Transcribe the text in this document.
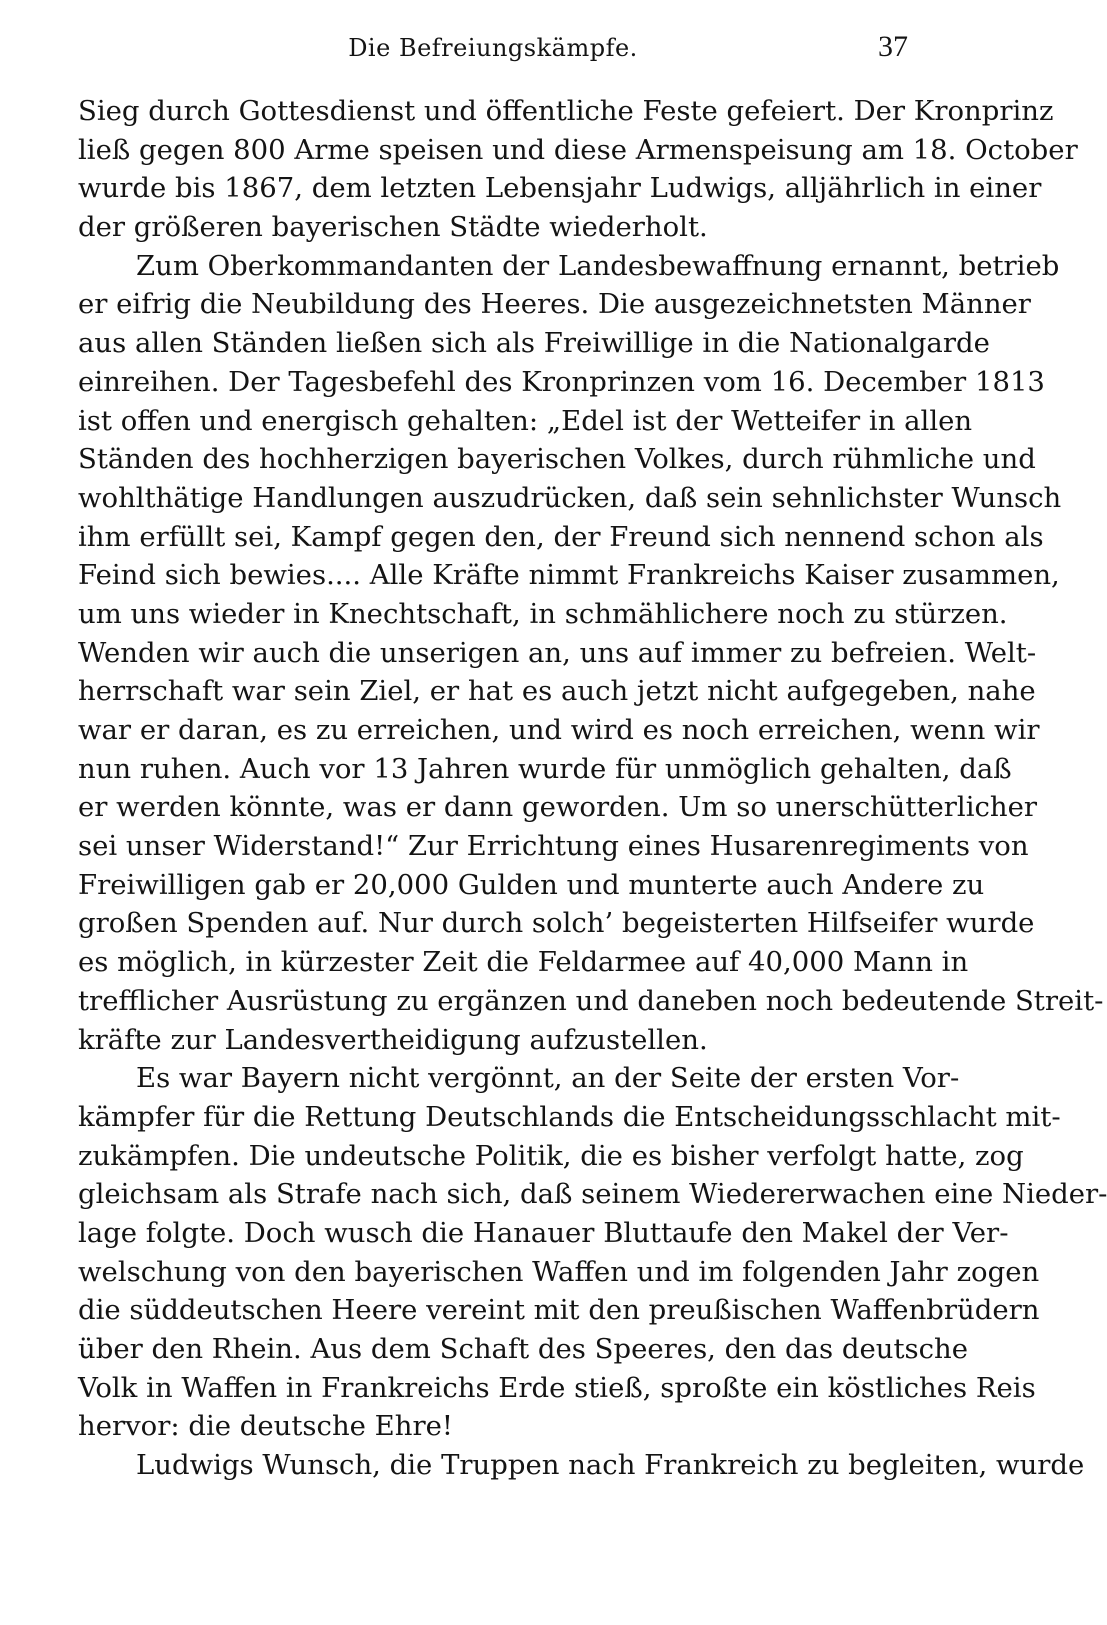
Die Befreiungskämpfe.	37
Sieg durch Gottesdienst und öffentliche Feste gefeiert. Der Kronprinz
ließ gegen 800 Arme speisen und diese Armenspeisung am 18. October
wurde bis 1867, dem letzten Lebensjahr Ludwigs, alljährlich in einer
der größeren bayerischen Städte wiederholt.
Zum Oberkommandanten der Landesbewaffnung ernannt, betrieb
er eifrig die Neubildung des Heeres. Die ausgezeichnetsten Männer
aus allen Ständen ließen sich als Freiwillige in die Nationalgarde
einreihen. Der Tagesbefehl des Kronprinzen vom 16. December 1813
ist offen und energisch gehalten: „Edel ist der Wetteifer in allen
Ständen des hochherzigen bayerischen Volkes, durch rühmliche und
wohlthätige Handlungen auszudrücken, daß sein sehnlichster Wunsch
ihm erfüllt sei, Kampf gegen den, der Freund sich nennend schon als
Feind sich bewies.... Alle Kräfte nimmt Frankreichs Kaiser zusammen,
um uns wieder in Knechtschaft, in schmählichere noch zu stürzen.
Wenden wir auch die unserigen an, uns auf immer zu befreien. Welt-
herrschaft war sein Ziel, er hat es auch jetzt nicht aufgegeben, nahe
war er daran, es zu erreichen, und wird es noch erreichen, wenn wir
nun ruhen. Auch vor 13 Jahren wurde für unmöglich gehalten, daß
er werden könnte, was er dann geworden. Um so unerschütterlicher
sei unser Widerstand!“ Zur Errichtung eines Husarenregiments von
Freiwilligen gab er 20,000 Gulden und munterte auch Andere zu
großen Spenden auf. Nur durch solch’ begeisterten Hilfseifer wurde
es möglich, in kürzester Zeit die Feldarmee auf 40,000 Mann in
trefflicher Ausrüstung zu ergänzen und daneben noch bedeutende Streit-
kräfte zur Landesvertheidigung aufzustellen.
Es war Bayern nicht vergönnt, an der Seite der ersten Vor-
kämpfer für die Rettung Deutschlands die Entscheidungsschlacht mit-
zukämpfen. Die undeutsche Politik, die es bisher verfolgt hatte, zog
gleichsam als Strafe nach sich, daß seinem Wiedererwachen eine Nieder-
lage folgte. Doch wusch die Hanauer Bluttaufe den Makel der Ver-
welschung von den bayerischen Waffen und im folgenden Jahr zogen
die süddeutschen Heere vereint mit den preußischen Waffenbrüdern
über den Rhein. Aus dem Schaft des Speeres, den das deutsche
Volk in Waffen in Frankreichs Erde stieß, sproßte ein köstliches Reis
hervor: die deutsche Ehre!
Ludwigs Wunsch, die Truppen nach Frankreich zu begleiten, wurde
